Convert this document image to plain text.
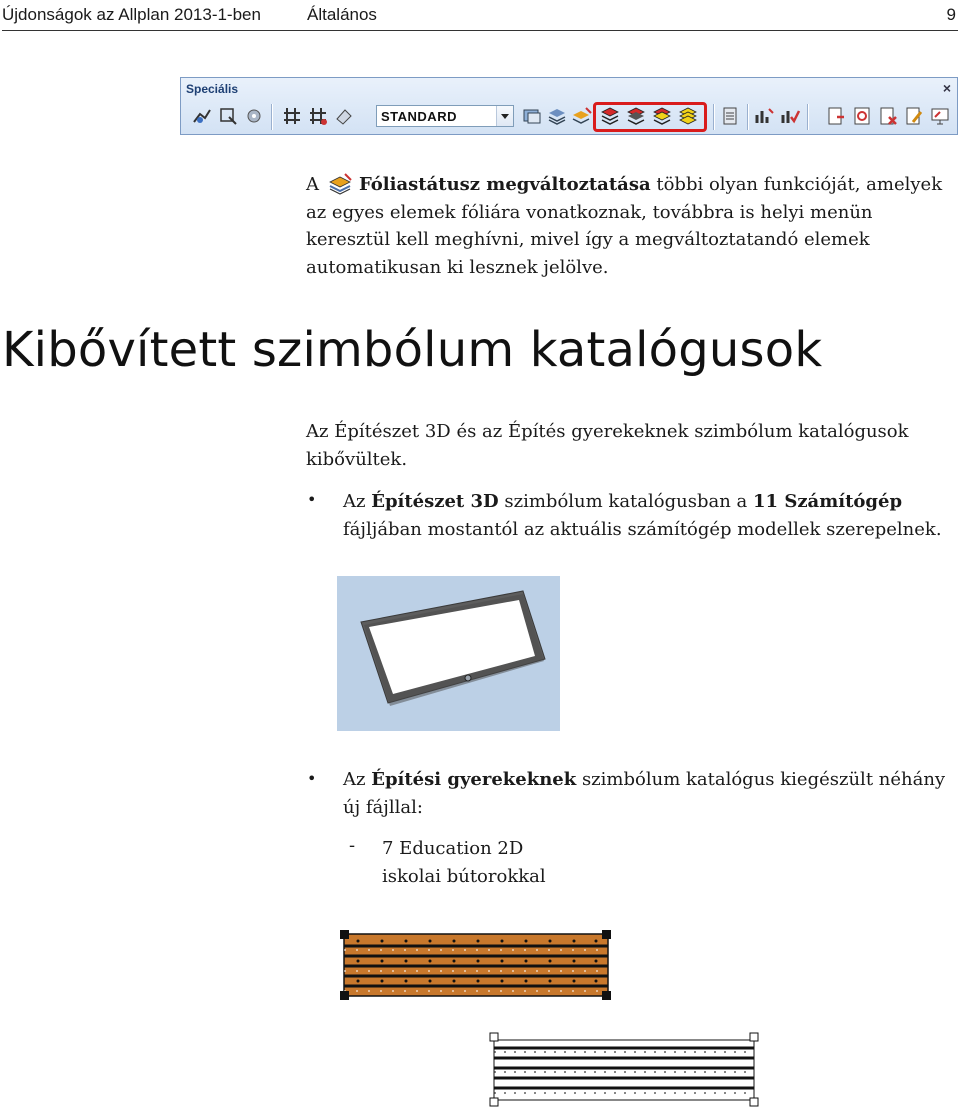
Újdonságok az Allplan 2013-1-ben	Általános	9
Speciális	×
STANDARD
A Fóliastátusz megváltoztatása többi olyan funkcióját, amelyek az egyes elemek fóliára vonatkoznak, továbbra is helyi menün keresztül kell meghívni, mivel így a megváltoztatandó elemek automatikusan ki lesznek jelölve.
Kibővített szimbólum katalógusok
Az Építészet 3D és az Építés gyerekeknek szimbólum katalógusok kibővültek.
• Az Építészet 3D szimbólum katalógusban a 11 Számítógép fájljában mostantól az aktuális számítógép modellek szerepelnek.
• Az Építési gyerekeknek szimbólum katalógus kiegészült néhány új fájllal:
- 7 Education 2D
iskolai bútorokkal
